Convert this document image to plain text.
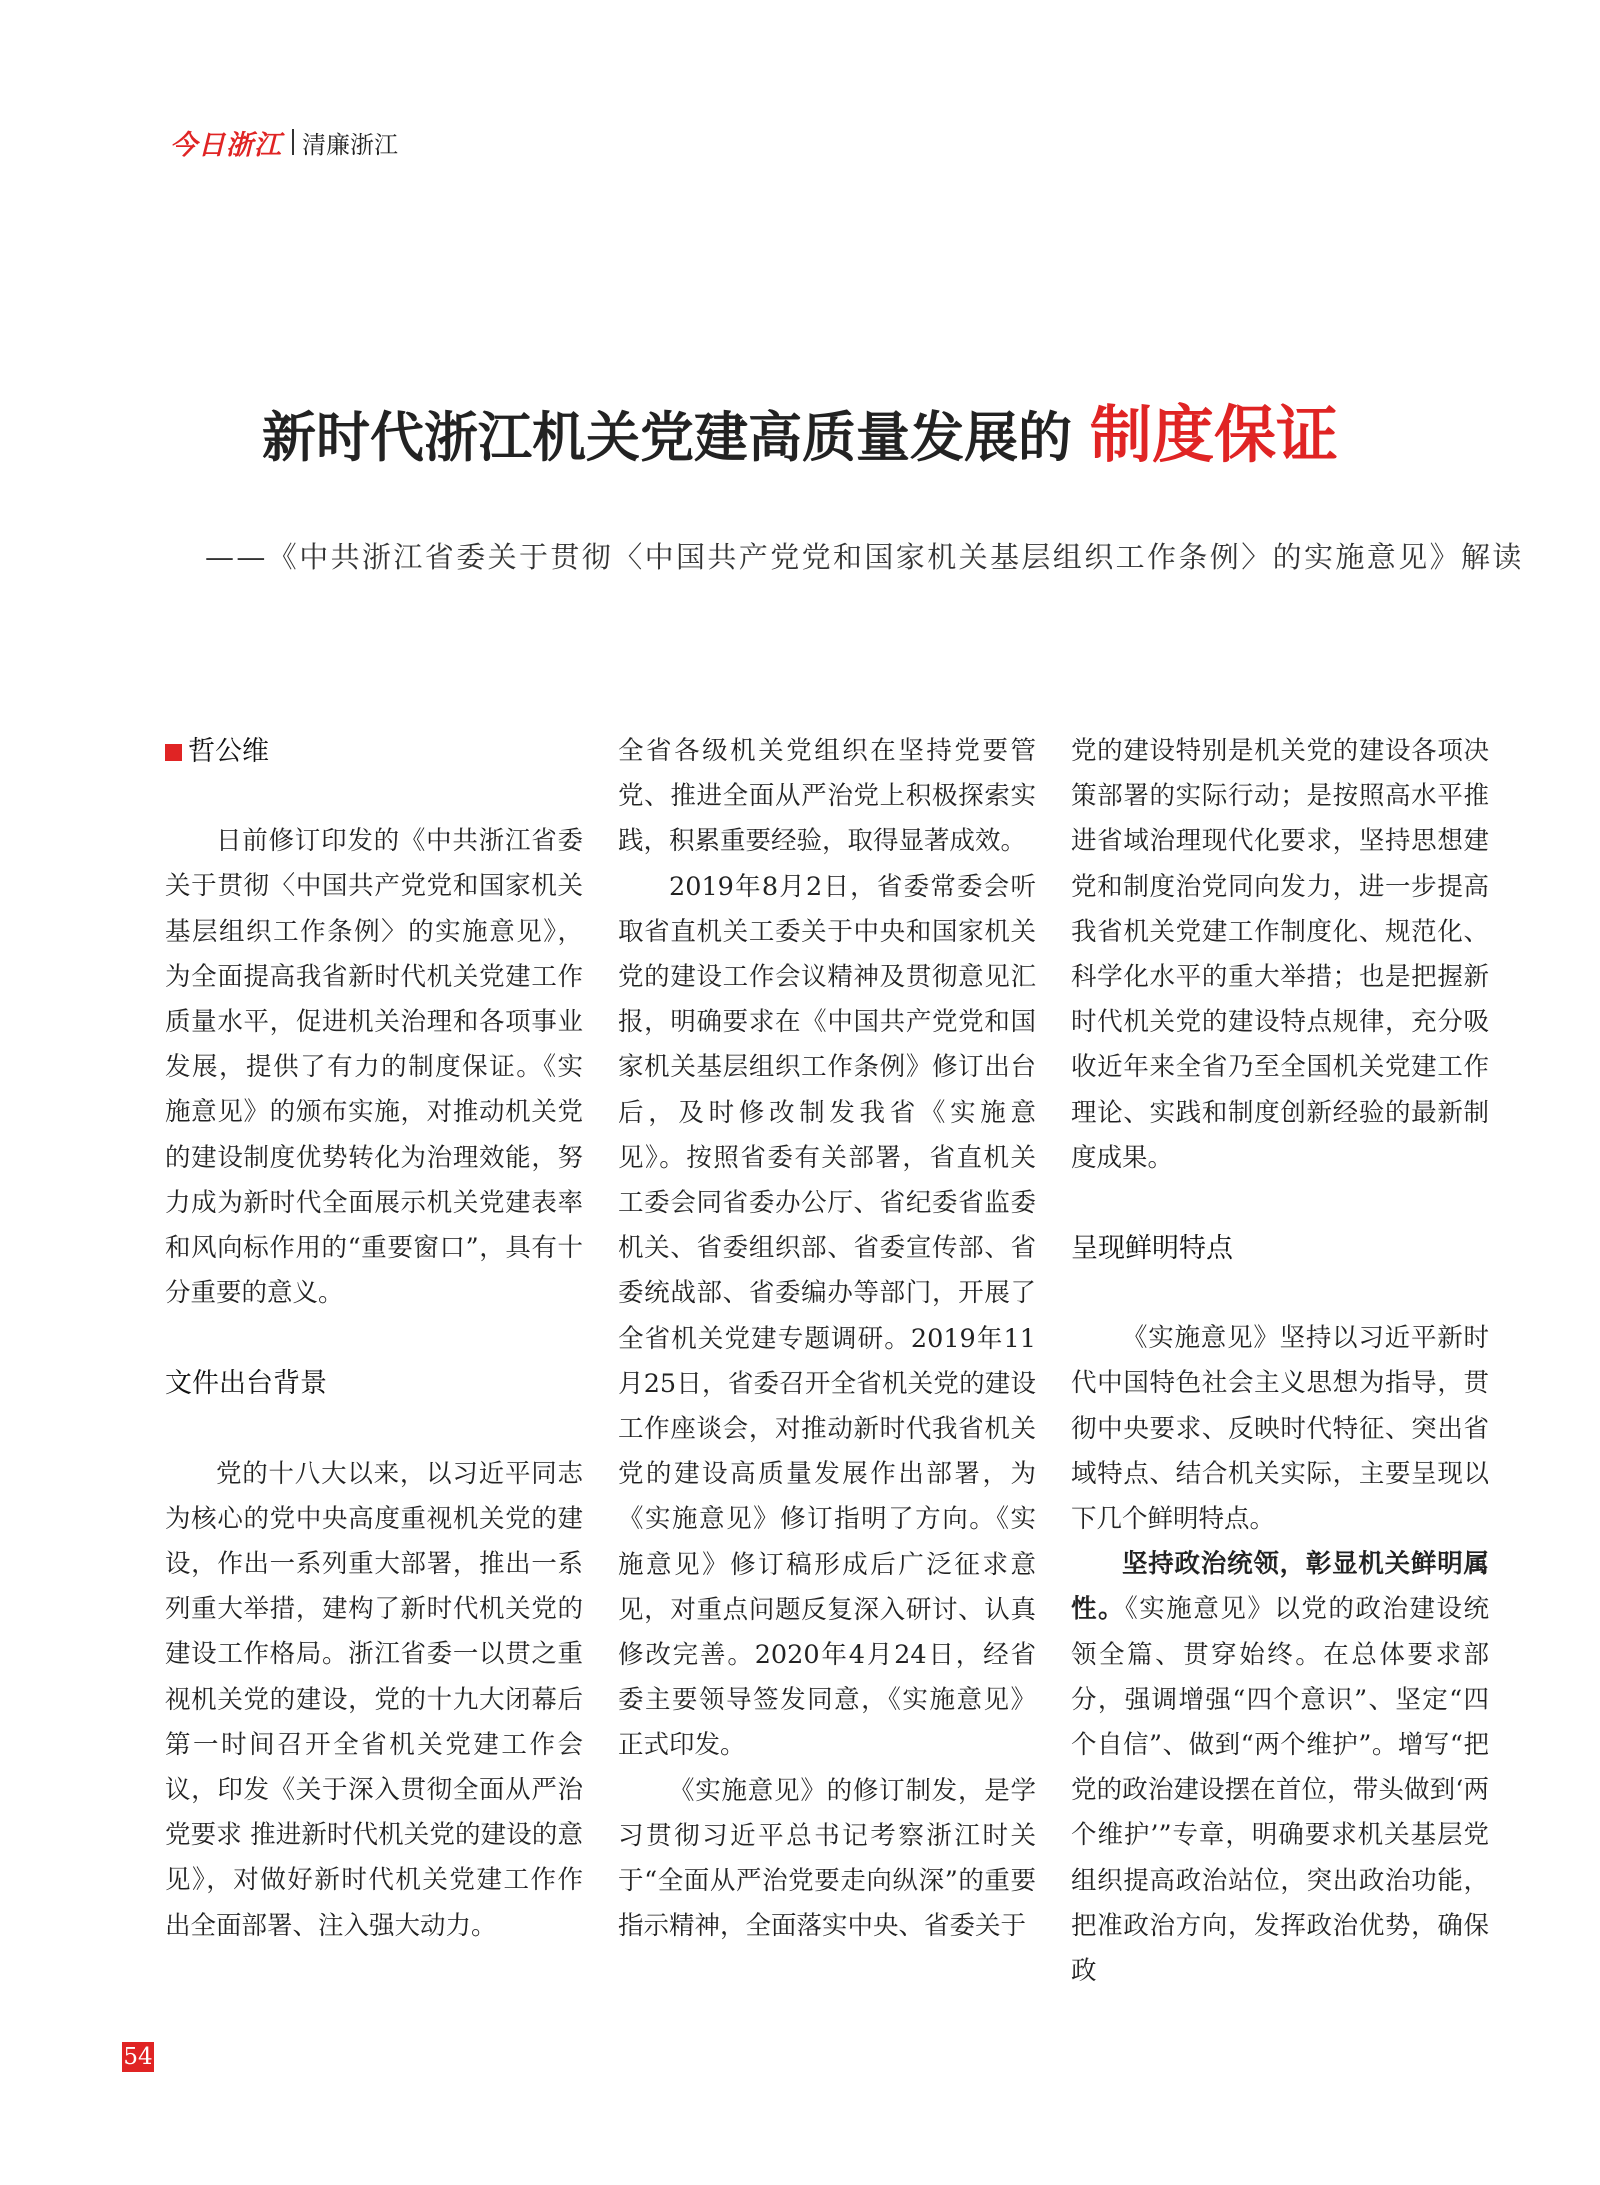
今日浙江 清廉浙江
新时代浙江机关党建高质量发展的 制度保证
——《中共浙江省委关于贯彻〈中国共产党党和国家机关基层组织工作条例〉的实施意见》解读
哲公维

日前修订印发的《中共浙江省委关于贯彻〈中国共产党党和国家机关基层组织工作条例〉的实施意见》，为全面提高我省新时代机关党建工作质量水平，促进机关治理和各项事业发展，提供了有力的制度保证。《实施意见》的颁布实施，对推动机关党的建设制度优势转化为治理效能，努力成为新时代全面展示机关党建表率和风向标作用的“重要窗口”，具有十分重要的意义。

文件出台背景

党的十八大以来，以习近平同志为核心的党中央高度重视机关党的建设，作出一系列重大部署，推出一系列重大举措，建构了新时代机关党的建设工作格局。浙江省委一以贯之重视机关党的建设，党的十九大闭幕后第一时间召开全省机关党建工作会议，印发《关于深入贯彻全面从严治党要求 推进新时代机关党的建设的意见》，对做好新时代机关党建工作作出全面部署、注入强大动力。

全省各级机关党组织在坚持党要管党、推进全面从严治党上积极探索实践，积累重要经验，取得显著成效。

2019年8月2日，省委常委会听取省直机关工委关于中央和国家机关党的建设工作会议精神及贯彻意见汇报，明确要求在《中国共产党党和国家机关基层组织工作条例》修订出台后，及时修改制发我省《实施意见》。按照省委有关部署，省直机关工委会同省委办公厅、省纪委省监委机关、省委组织部、省委宣传部、省委统战部、省委编办等部门，开展了全省机关党建专题调研。2019年11月25日，省委召开全省机关党的建设工作座谈会，对推动新时代我省机关党的建设高质量发展作出部署，为《实施意见》修订指明了方向。《实施意见》修订稿形成后广泛征求意见，对重点问题反复深入研讨、认真修改完善。2020年4月24日，经省委主要领导签发同意，《实施意见》正式印发。

《实施意见》的修订制发，是学习贯彻习近平总书记考察浙江时关于“全面从严治党要走向纵深”的重要指示精神，全面落实中央、省委关于

党的建设特别是机关党的建设各项决策部署的实际行动；是按照高水平推进省域治理现代化要求，坚持思想建党和制度治党同向发力，进一步提高我省机关党建工作制度化、规范化、科学化水平的重大举措；也是把握新时代机关党的建设特点规律，充分吸收近年来全省乃至全国机关党建工作理论、实践和制度创新经验的最新制度成果。

呈现鲜明特点

《实施意见》坚持以习近平新时代中国特色社会主义思想为指导，贯彻中央要求、反映时代特征、突出省域特点、结合机关实际，主要呈现以下几个鲜明特点。

坚持政治统领，彰显机关鲜明属性。《实施意见》以党的政治建设统领全篇、贯穿始终。在总体要求部分，强调增强“四个意识”、坚定“四个自信”、做到“两个维护”。增写“把党的政治建设摆在首位，带头做到‘两个维护’”专章，明确要求机关基层党组织提高政治站位，突出政治功能，把准政治方向，发挥政治优势，确保政

54
